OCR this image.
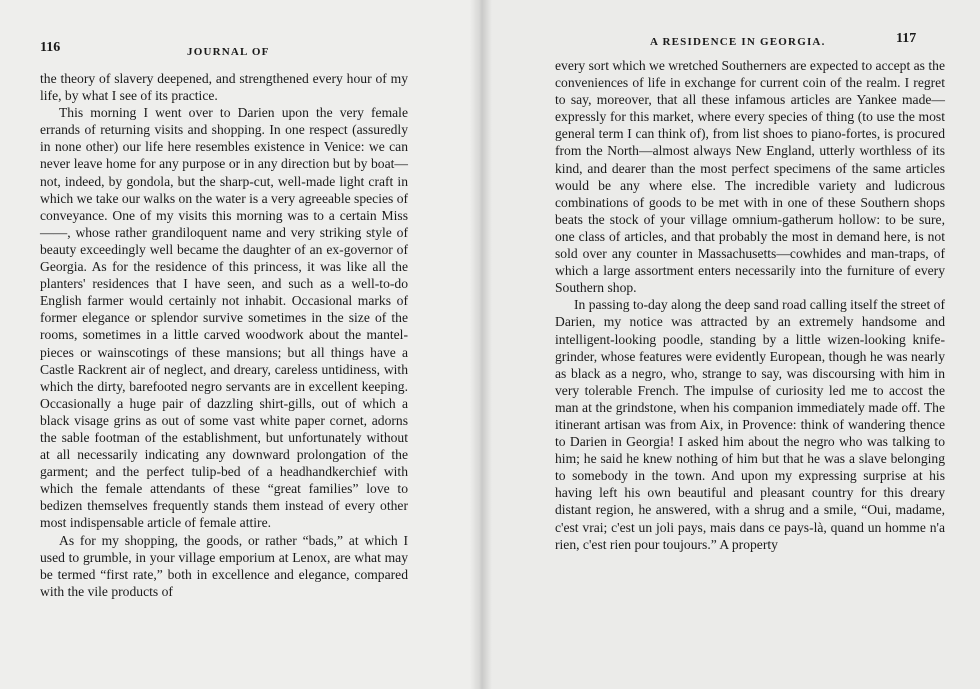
116	JOURNAL OF
A RESIDENCE IN GEORGIA.	117

the theory of slavery deepened, and strengthened every hour of my life, by what I see of its practice.

This morning I went over to Darien upon the very female errands of returning visits and shopping. In one respect (assuredly in none other) our life here resembles existence in Venice: we can never leave home for any purpose or in any direction but by boat—not, indeed, by gondola, but the sharp-cut, well-made light craft in which we take our walks on the water is a very agreeable species of conveyance. One of my visits this morning was to a certain Miss ——, whose rather grandiloquent name and very striking style of beauty exceedingly well became the daughter of an ex-governor of Georgia. As for the residence of this princess, it was like all the planters' residences that I have seen, and such as a well-to-do English farmer would certainly not inhabit. Occasional marks of former elegance or splendor survive sometimes in the size of the rooms, sometimes in a little carved woodwork about the mantel-pieces or wainscotings of these mansions; but all things have a Castle Rackrent air of neglect, and dreary, careless untidiness, with which the dirty, barefooted negro servants are in excellent keeping. Occasionally a huge pair of dazzling shirt-gills, out of which a black visage grins as out of some vast white paper cornet, adorns the sable footman of the establishment, but unfortunately without at all necessarily indicating any downward prolongation of the garment; and the perfect tulip-bed of a headhandkerchief with which the female attendants of these “great families” love to bedizen themselves frequently stands them instead of every other most indispensable article of female attire.

As for my shopping, the goods, or rather “bads,” at which I used to grumble, in your village emporium at Lenox, are what may be termed “first rate,” both in excellence and elegance, compared with the vile products of

every sort which we wretched Southerners are expected to accept as the conveniences of life in exchange for current coin of the realm. I regret to say, moreover, that all these infamous articles are Yankee made—expressly for this market, where every species of thing (to use the most general term I can think of), from list shoes to piano-fortes, is procured from the North—almost always New England, utterly worthless of its kind, and dearer than the most perfect specimens of the same articles would be any where else. The incredible variety and ludicrous combinations of goods to be met with in one of these Southern shops beats the stock of your village omnium-gatherum hollow: to be sure, one class of articles, and that probably the most in demand here, is not sold over any counter in Massachusetts—cowhides and man-traps, of which a large assortment enters necessarily into the furniture of every Southern shop.

In passing to-day along the deep sand road calling itself the street of Darien, my notice was attracted by an extremely handsome and intelligent-looking poodle, standing by a little wizen-looking knife-grinder, whose features were evidently European, though he was nearly as black as a negro, who, strange to say, was discoursing with him in very tolerable French. The impulse of curiosity led me to accost the man at the grindstone, when his companion immediately made off. The itinerant artisan was from Aix, in Provence: think of wandering thence to Darien in Georgia! I asked him about the negro who was talking to him; he said he knew nothing of him but that he was a slave belonging to somebody in the town. And upon my expressing surprise at his having left his own beautiful and pleasant country for this dreary distant region, he answered, with a shrug and a smile, “Oui, madame, c'est vrai; c'est un joli pays, mais dans ce pays-là, quand un homme n'a rien, c'est rien pour toujours.” A property
